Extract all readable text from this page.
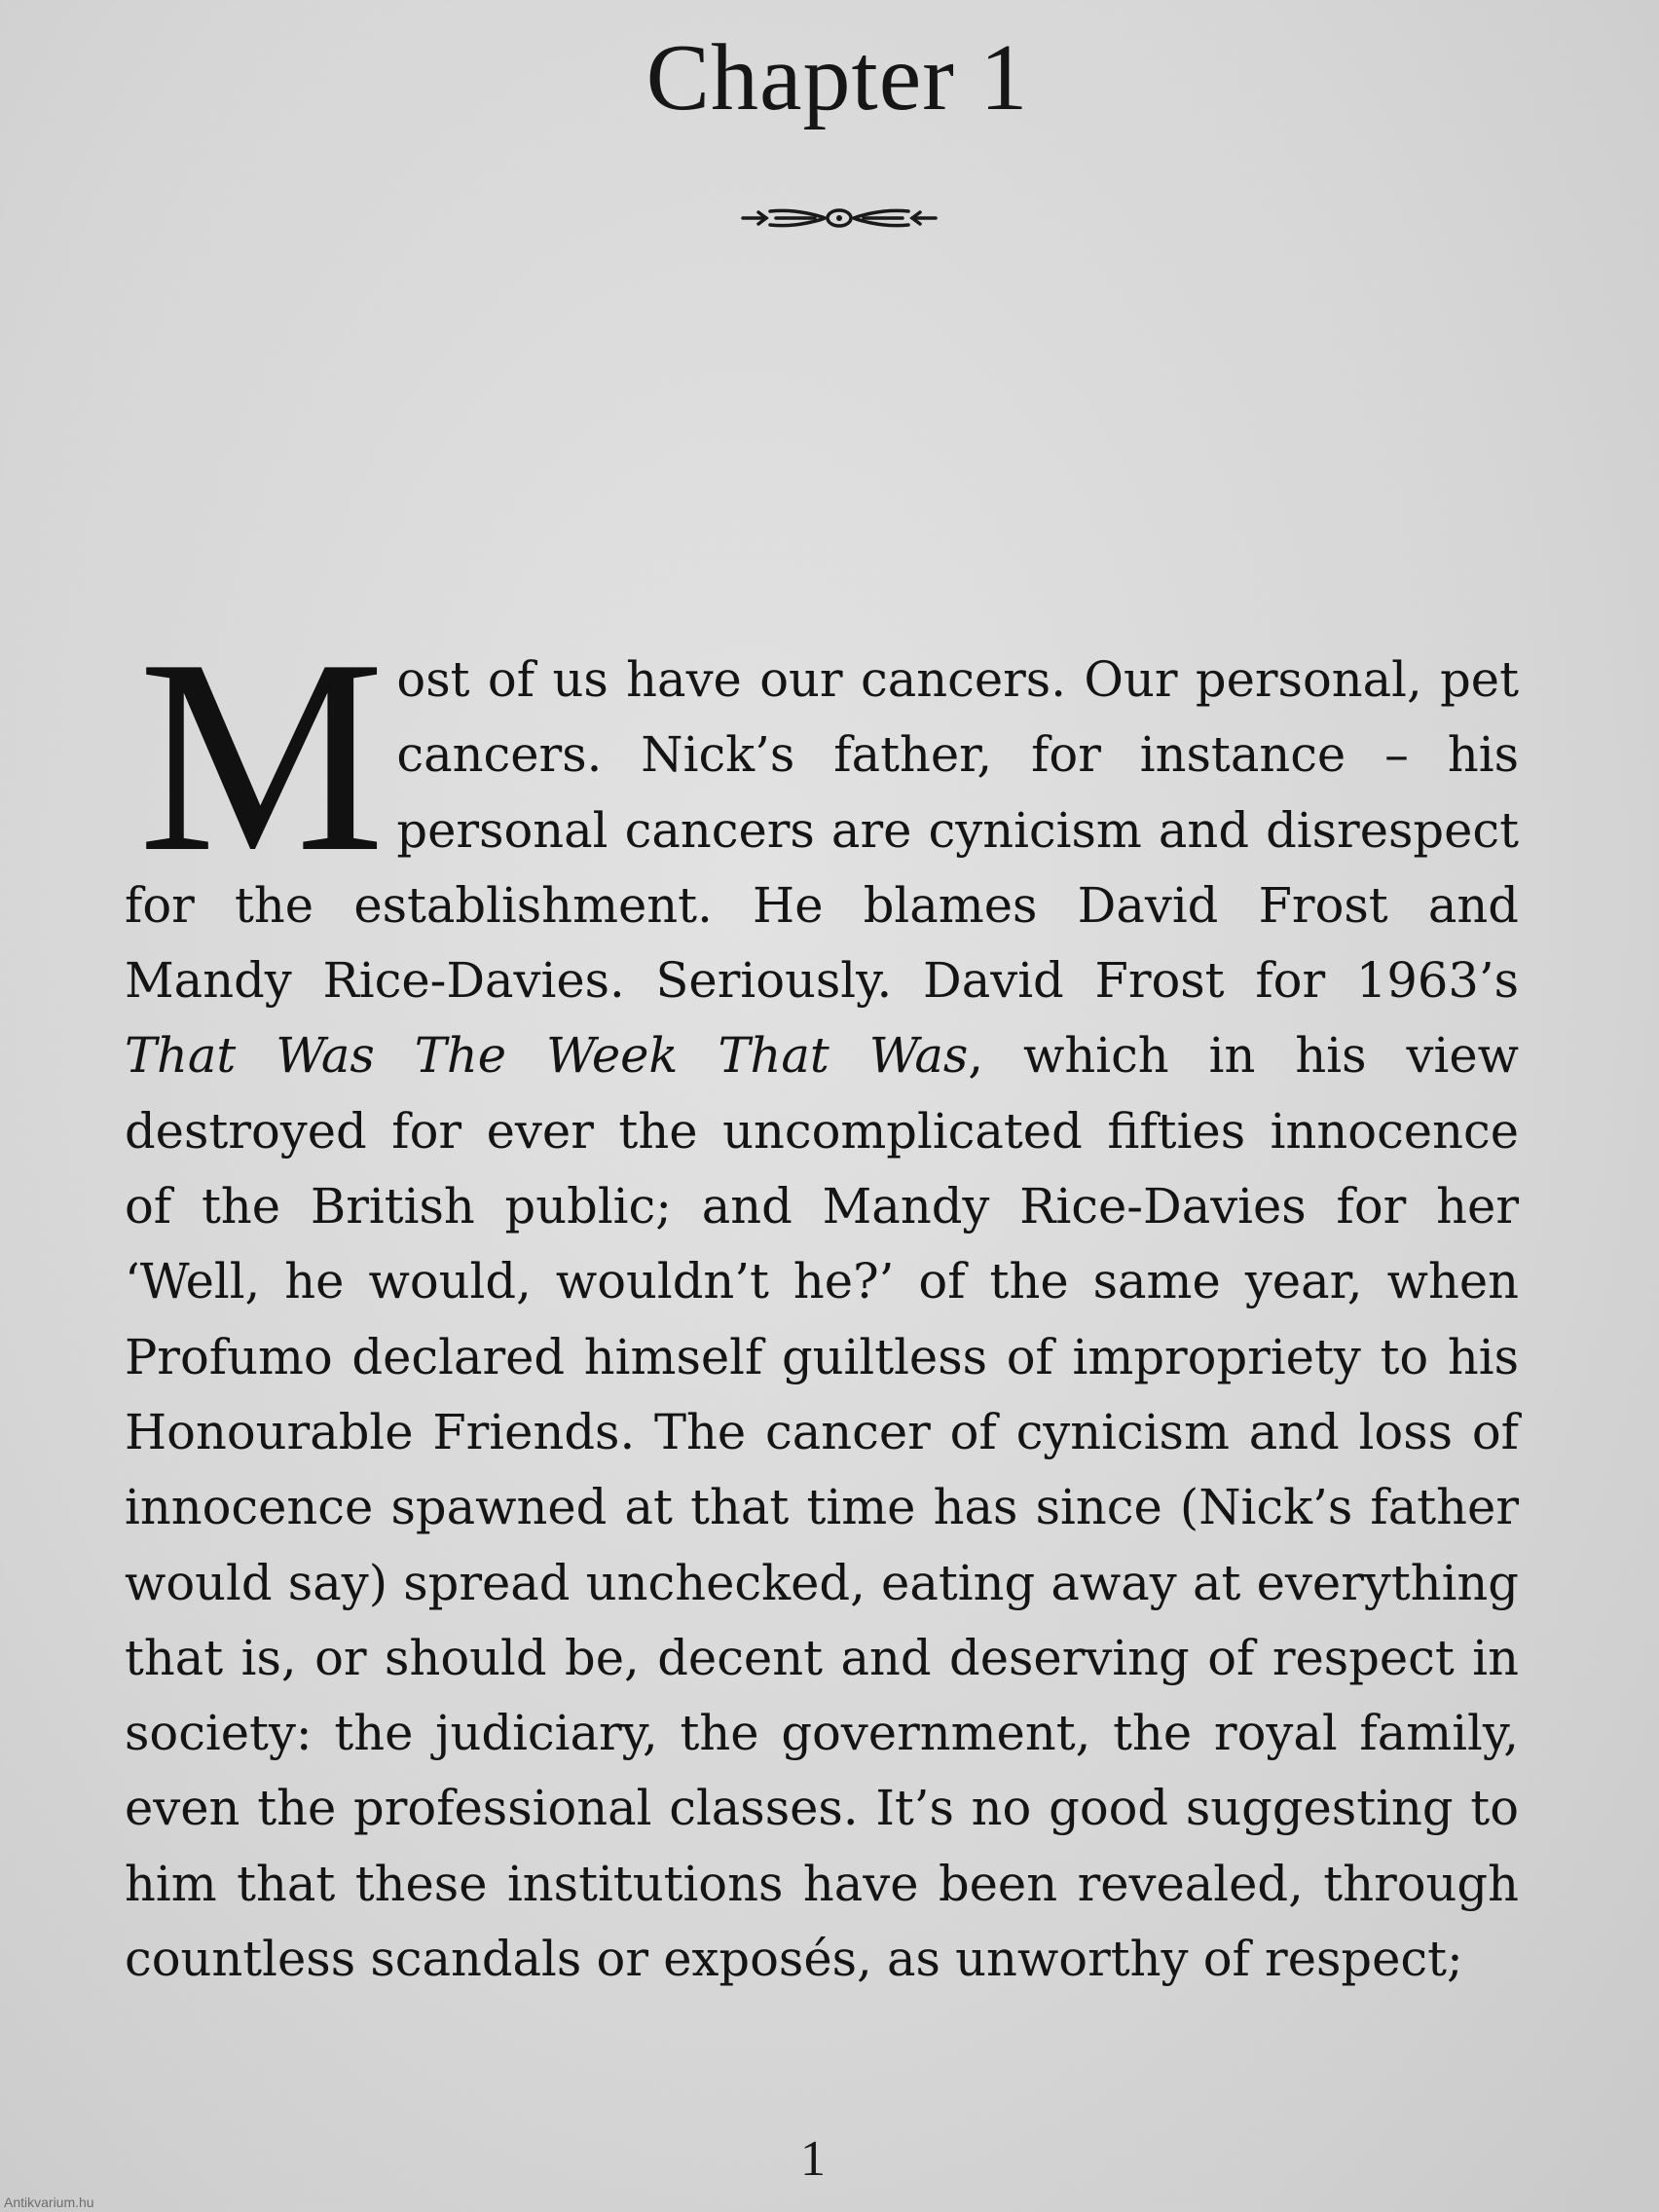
Chapter 1
M ost of us have our cancers. Our personal, pet cancers. Nick’s father, for instance – his personal cancers are cynicism and disrespect for the establishment. He blames David Frost and Mandy Rice-Davies. Seriously. David Frost for 1963’s That Was The Week That Was, which in his view destroyed for ever the uncomplicated fifties innocence of the British public; and Mandy Rice-Davies for her ‘Well, he would, wouldn’t he?’ of the same year, when Profumo declared himself guiltless of impropriety to his Honourable Friends. The cancer of cynicism and loss of innocence spawned at that time has since (Nick’s father would say) spread unchecked, eating away at everything that is, or should be, decent and deserving of respect in society: the judiciary, the government, the royal family, even the professional classes. It’s no good suggesting to him that these institutions have been revealed, through countless scandals or exposés, as unworthy of respect;

1
Antikvarium.hu
